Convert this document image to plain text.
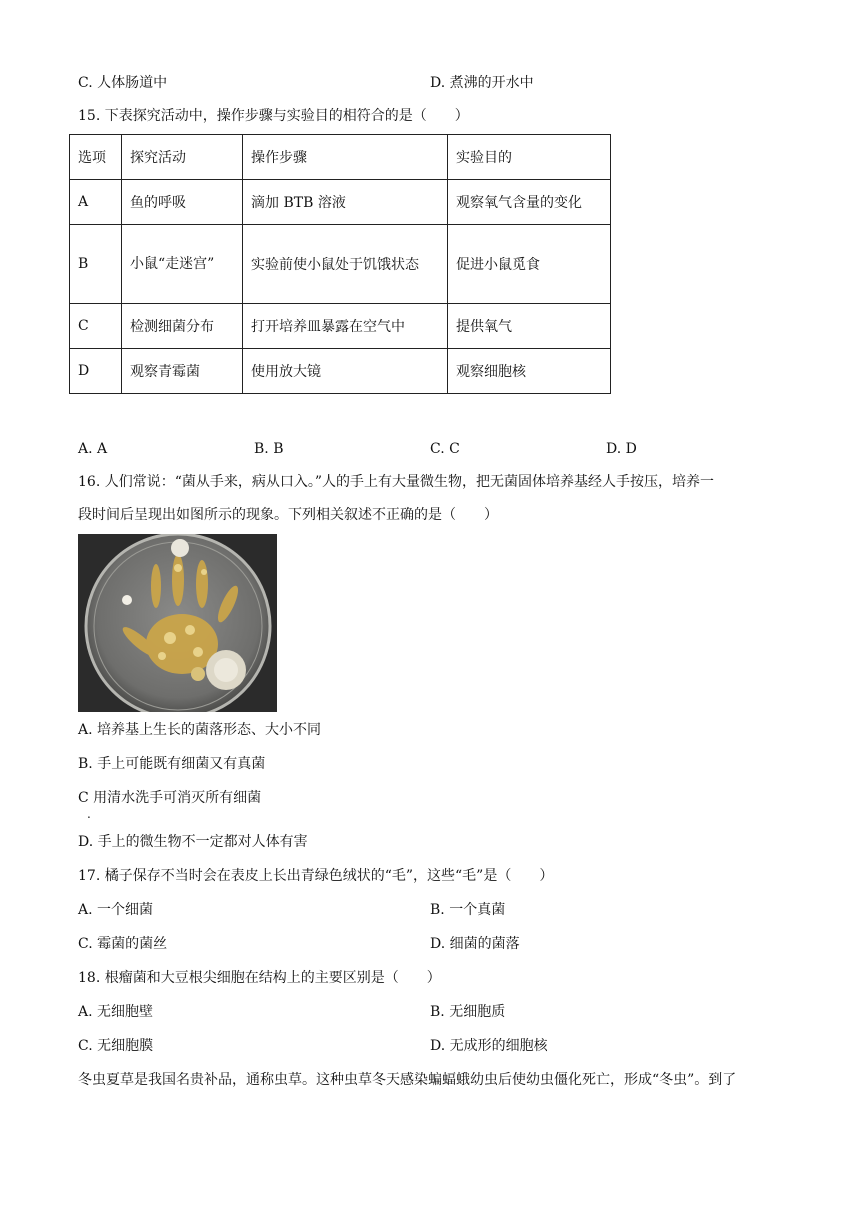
C. 人体肠道中	D. 煮沸的开水中
15. 下表探究活动中，操作步骤与实验目的相符合的是（　　）
选项	探究活动	操作步骤	实验目的
A	鱼的呼吸	滴加 BTB 溶液	观察氧气含量的变化
B	小鼠“走迷宫”	实验前使小鼠处于饥饿状态	促进小鼠觅食
C	检测细菌分布	打开培养皿暴露在空气中	提供氧气
D	观察青霉菌	使用放大镜	观察细胞核
A. A	B. B	C. C	D. D
16. 人们常说：“菌从手来，病从口入。”人的手上有大量微生物，把无菌固体培养基经人手按压，培养一
段时间后呈现出如图所示的现象。下列相关叙述不正确的是（　　）
A. 培养基上生长的菌落形态、大小不同
B. 手上可能既有细菌又有真菌
C 用清水洗手可消灭所有细菌
.
D. 手上的微生物不一定都对人体有害
17. 橘子保存不当时会在表皮上长出青绿色绒状的“毛”，这些“毛”是（　　）
A. 一个细菌	B. 一个真菌
C. 霉菌的菌丝	D. 细菌的菌落
18. 根瘤菌和大豆根尖细胞在结构上的主要区别是（　　）
A. 无细胞壁	B. 无细胞质
C. 无细胞膜	D. 无成形的细胞核
冬虫夏草是我国名贵补品，通称虫草。这种虫草冬天感染蝙蝠蛾幼虫后使幼虫僵化死亡，形成“冬虫”。到了
